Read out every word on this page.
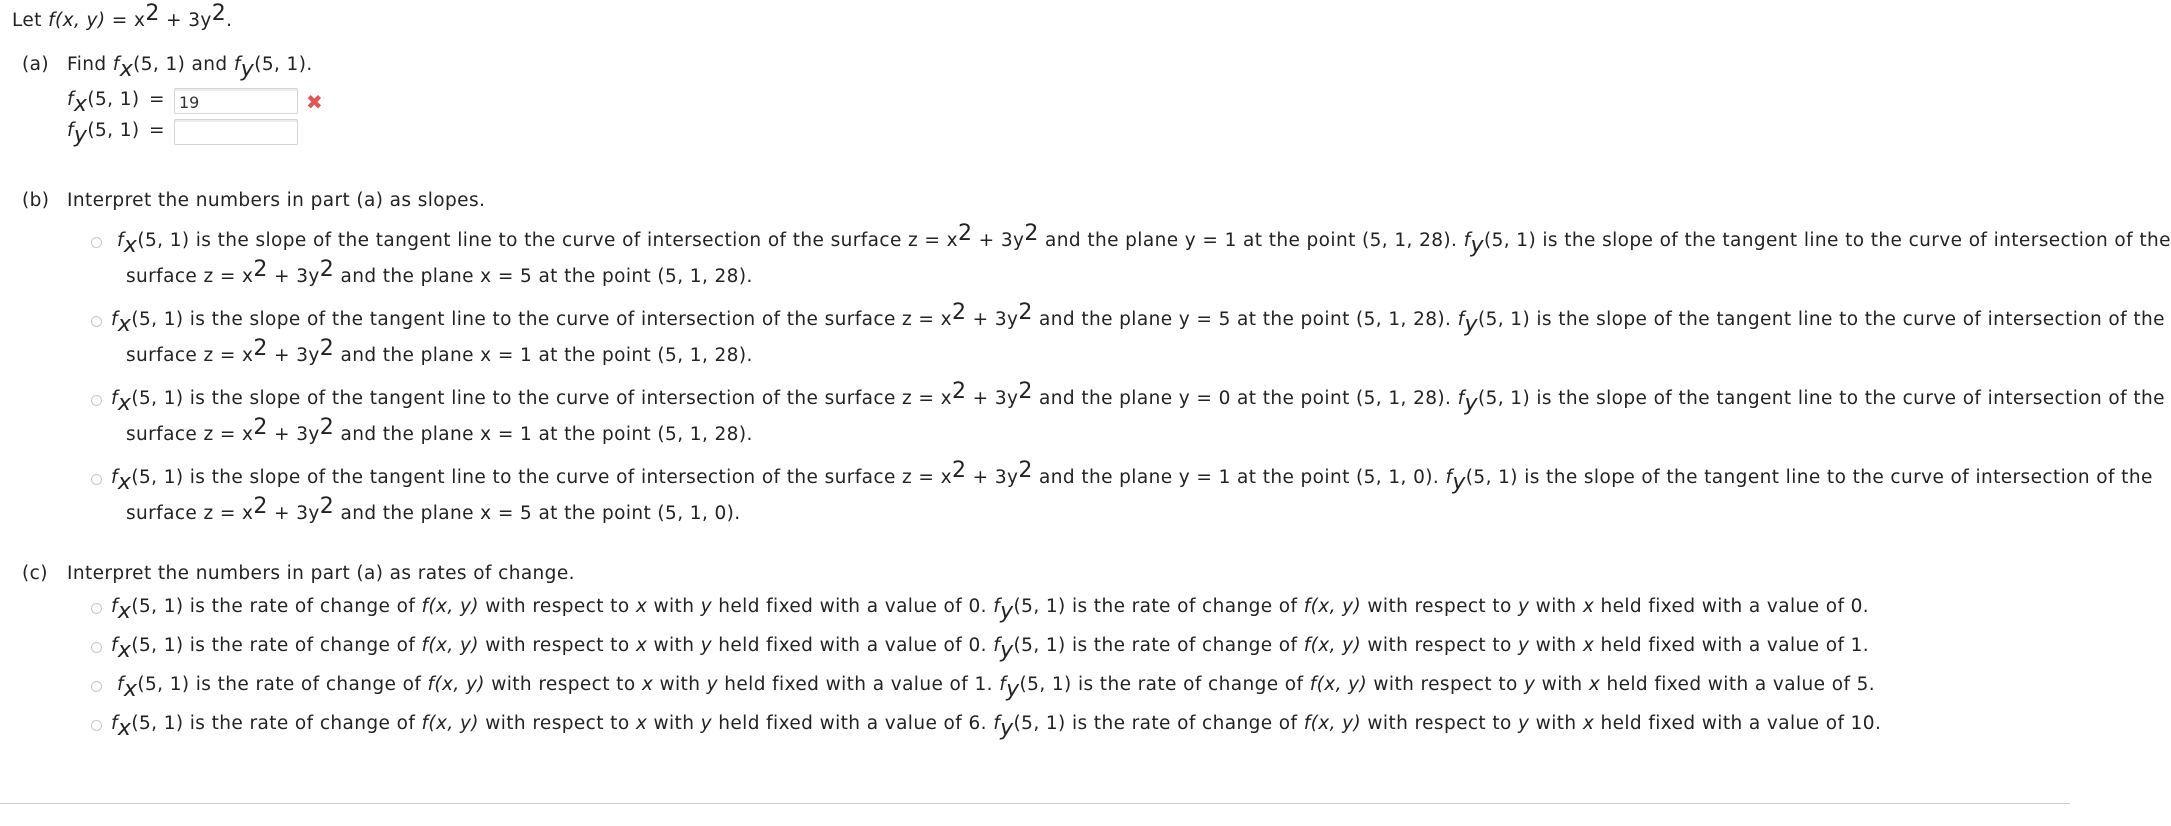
Let f(x, $y) = x^2 + 3y^2$.
(a) Find $f_x(5$, 1) and $f_y(5$, 1).
$f_x(5$, 1) =
19	✖
$f_y(5$, 1) =
(b) Interpret the numbers in part (a) as slopes.
$f_x(5$, 1) is the slope of the tangent line to the curve of intersection of the surface $z = x^2 + 3y^2$ and the plane y = 1 at the point (5, 1, 28). $f_y(5$, 1) is the slope of the tangent line to the curve of intersection of the
surface $z = x^2 + 3y^2$ and the plane x = 5 at the point (5, 1, 28).
$f_x(5$, 1) is the slope of the tangent line to the curve of intersection of the surface $z = x^2 + 3y^2$ and the plane y = 5 at the point (5, 1, 28). $f_y(5$, 1) is the slope of the tangent line to the curve of intersection of the
surface $z = x^2 + 3y^2$ and the plane x = 1 at the point (5, 1, 28).
$f_x(5$, 1) is the slope of the tangent line to the curve of intersection of the surface $z = x^2 + 3y^2$ and the plane y = 0 at the point (5, 1, 28). $f_y(5$, 1) is the slope of the tangent line to the curve of intersection of the
surface $z = x^2 + 3y^2$ and the plane x = 1 at the point (5, 1, 28).
$f_x(5$, 1) is the slope of the tangent line to the curve of intersection of the surface $z = x^2 + 3y^2$ and the plane y = 1 at the point (5, 1, 0). $f_y(5$, 1) is the slope of the tangent line to the curve of intersection of the
surface $z = x^2 + 3y^2$ and the plane x = 5 at the point (5, 1, 0).
(c) Interpret the numbers in part (a) as rates of change.
$f_x(5$, 1) is the rate of change of f(x, y) with respect to x with y held fixed with a value of 0. $f_y(5$, 1) is the rate of change of f(x, y) with respect to y with x held fixed with a value of 0.
$f_x(5$, 1) is the rate of change of f(x, y) with respect to x with y held fixed with a value of 0. $f_y(5$, 1) is the rate of change of f(x, y) with respect to y with x held fixed with a value of 1.
$f_x(5$, 1) is the rate of change of f(x, y) with respect to x with y held fixed with a value of 1. $f_y(5$, 1) is the rate of change of f(x, y) with respect to y with x held fixed with a value of 5.
$f_x(5$, 1) is the rate of change of f(x, y) with respect to x with y held fixed with a value of 6. $f_y(5$, 1) is the rate of change of f(x, y) with respect to y with x held fixed with a value of 10.
